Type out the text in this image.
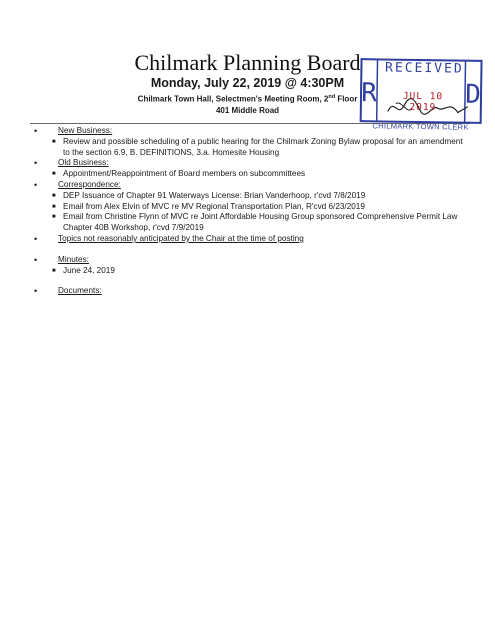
Chilmark Planning Board
Monday, July 22, 2019 @ 4:30PM
Chilmark Town Hall, Selectmen's Meeting Room, 2nd Floor
401 Middle Road
R	D
RECEIVED
JUL 10 2019
CHILMARK TOWN CLERK
•	New Business:
■ Review and possible scheduling of a public hearing for the Chilmark Zoning Bylaw proposal for an amendment to the section 6.9, B. DEFINITIONS, 3.a. Homesite Housing
•	Old Business:
■ Appointment/Reappointment of Board members on subcommittees
•	Correspondence:
■ DEP Issuance of Chapter 91 Waterways License: Brian Vanderhoop, r'cvd 7/8/2019
■ Email from Alex Elvin of MVC re MV Regional Transportation Plan, R'cvd 6/23/2019
■ Email from Christine Flynn of MVC re Joint Affordable Housing Group sponsored Comprehensive Permit Law Chapter 40B Workshop, r'cvd 7/9/2019
•	Topics not reasonably anticipated by the Chair at the time of posting
•	Minutes:
■ June 24, 2019
•	Documents:
